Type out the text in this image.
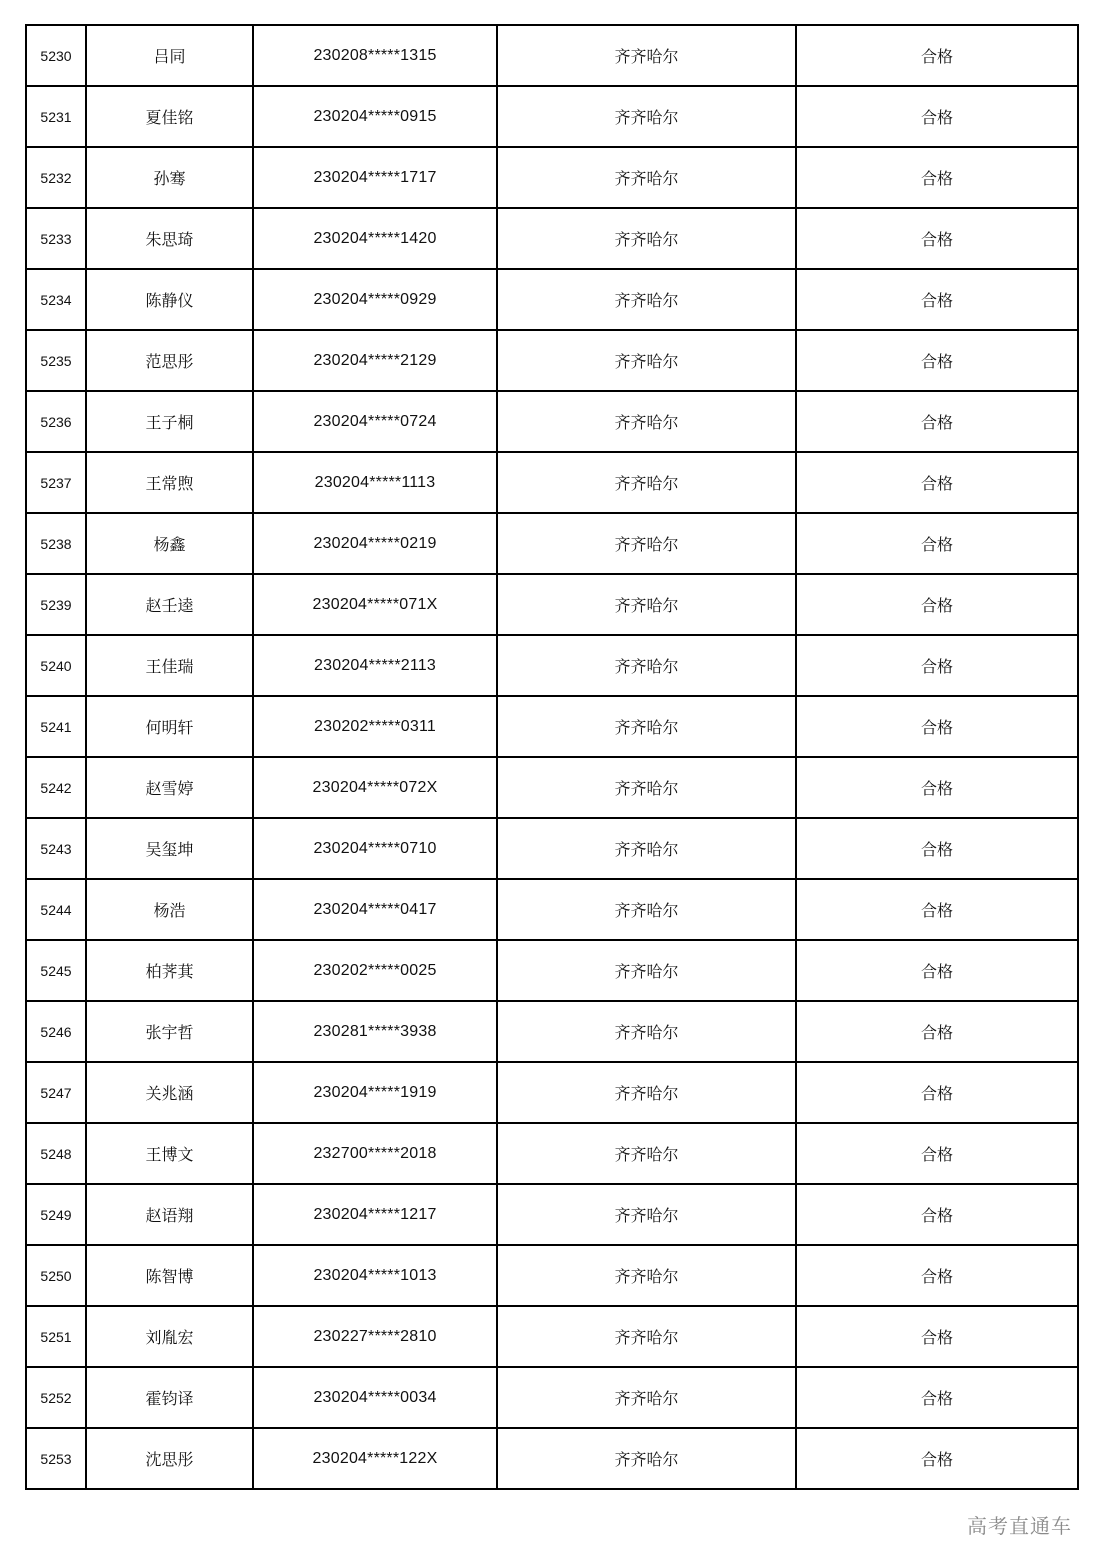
5230	吕同	230208*****1315	齐齐哈尔	合格
5231	夏佳铭	230204*****0915	齐齐哈尔	合格
5232	孙骞	230204*****1717	齐齐哈尔	合格
5233	朱思琦	230204*****1420	齐齐哈尔	合格
5234	陈静仪	230204*****0929	齐齐哈尔	合格
5235	范思彤	230204*****2129	齐齐哈尔	合格
5236	王子桐	230204*****0724	齐齐哈尔	合格
5237	王常煦	230204*****1113	齐齐哈尔	合格
5238	杨鑫	230204*****0219	齐齐哈尔	合格
5239	赵壬逵	230204*****071X	齐齐哈尔	合格
5240	王佳瑞	230204*****2113	齐齐哈尔	合格
5241	何明轩	230202*****0311	齐齐哈尔	合格
5242	赵雪婷	230204*****072X	齐齐哈尔	合格
5243	吴玺坤	230204*****0710	齐齐哈尔	合格
5244	杨浩	230204*****0417	齐齐哈尔	合格
5245	柏荠萁	230202*****0025	齐齐哈尔	合格
5246	张宇哲	230281*****3938	齐齐哈尔	合格
5247	关兆涵	230204*****1919	齐齐哈尔	合格
5248	王博文	232700*****2018	齐齐哈尔	合格
5249	赵语翔	230204*****1217	齐齐哈尔	合格
5250	陈智博	230204*****1013	齐齐哈尔	合格
5251	刘胤宏	230227*****2810	齐齐哈尔	合格
5252	霍钧译	230204*****0034	齐齐哈尔	合格
5253	沈思彤	230204*****122X	齐齐哈尔	合格
高考直通车
